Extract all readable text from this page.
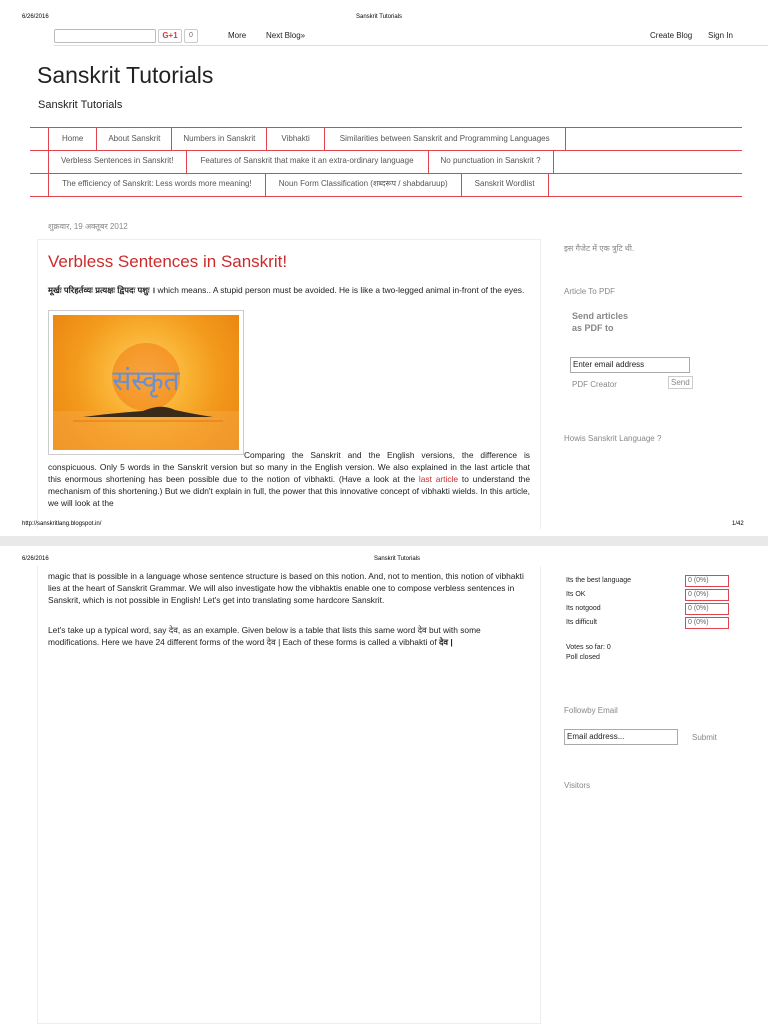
6/26/2016	Sanskrit Tutorials
G+1	0	More Next Blog»	Create Blog Sign In
Sanskrit Tutorials
Sanskrit Tutorials
Home	About Sanskrit	Numbers in Sanskrit	Vibhakti	Similarities between Sanskrit and Programming Languages
Verbless Sentences in Sanskrit!	Features of Sanskrit that make it an extra-ordinary language	No punctuation in Sanskrit ?
The efficiency of Sanskrit: Less words more meaning!	Noun Form Classification (शब्दरूप / shabdaruup)	Sanskrit Wordlist
शुक्रवार, 19 अक्तूबर 2012
Verbless Sentences in Sanskrit!
मूर्खः परिहर्तव्यः प्रत्यक्षः द्विपदः पशुः । which means.. A stupid person must be avoided. He is like a two-legged animal in-front of the eyes.
संस्कृत
Comparing the Sanskrit and the English versions, the difference is conspicuous. Only 5 words in the Sanskrit version but so many in the English version. We also explained in the last article that this enormous shortening has been possible due to the notion of vibhakti. (Have a look at the last article to understand the mechanism of this shortening.) But we didn't explain in full, the power that this innovative concept of vibhakti wields. In this article, we will look at the
इस गैजेट में एक त्रुटि थी.
Article To PDF
Send articles
as PDF to
Enter email address
PDF Creator	Send
Howis Sanskrit Language ?
http://sanskritlang.blogspot.in/	1/42
6/26/2016	Sanskrit Tutorials
magic that is possible in a language whose sentence structure is based on this notion. And, not to mention, this notion of vibhakti lies at the heart of Sanskrit Grammar. We will also investigate how the vibhaktis enable one to compose verbless sentences in Sanskrit, which is not possible in English! Let's get into translating some hardcore Sanskrit.
Let's take up a typical word, say देव, as an example. Given below is a table that lists this same word देव but with some modifications. Here we have 24 different forms of the word देव | Each of these forms is called a vibhakti of देव |
Its the best language	0 (0%)
Its OK	0 (0%)
Its notgood	0 (0%)
Its difficult	0 (0%)
Votes so far: 0
Poll closed
Followby Email
Email address...	Submit
Visitors
